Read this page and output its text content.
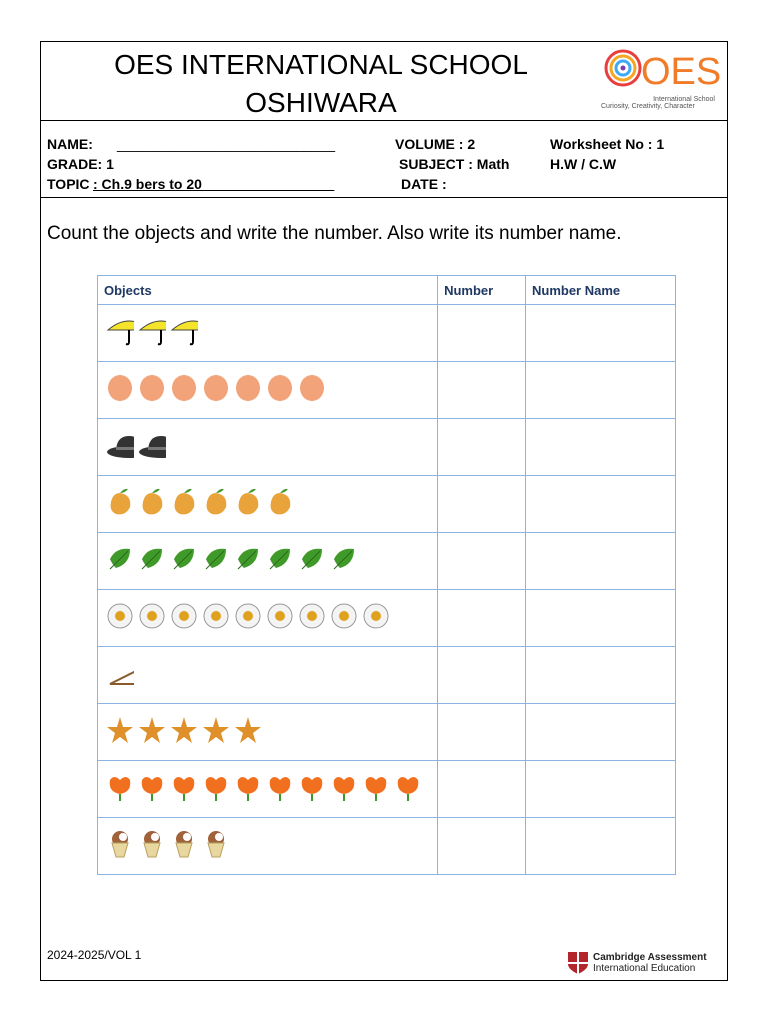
OES INTERNATIONAL SCHOOL
OSHIWARA
OES
International School
Curiosity, Creativity, Character
NAME: ____________________________	VOLUME : 2	Worksheet No : 1
GRADE: 1	SUBJECT : Math	H.W / C.W
TOPIC : Ch.9 bers to 20_________________	DATE :
Count the objects and write the number. Also write its number name.
Objects	Number	Number Name

2024-2025/VOL 1	Cambridge Assessment
International Education
